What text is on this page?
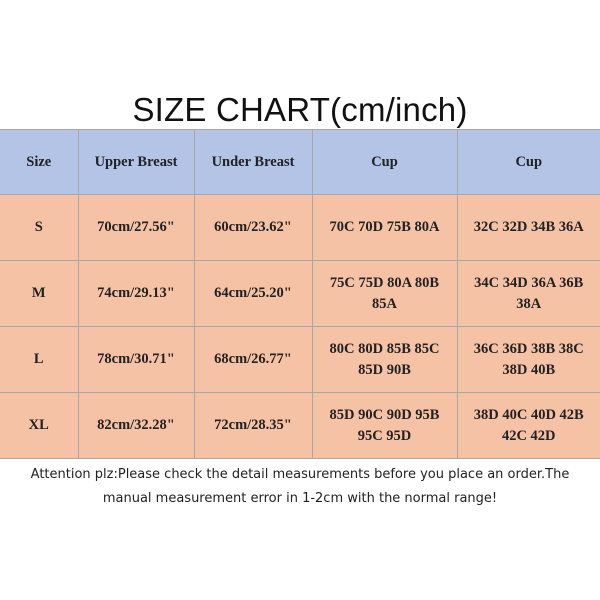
SIZE CHART(cm/inch)
Size	Upper Breast	Under Breast	Cup	Cup
S	70cm/27.56"	60cm/23.62"	70C 70D 75B 80A	32C 32D 34B 36A
M	74cm/29.13"	64cm/25.20"	75C 75D 80A 80B 85A	34C 34D 36A 36B 38A
L	78cm/30.71"	68cm/26.77"	80C 80D 85B 85C 85D 90B	36C 36D 38B 38C 38D 40B
XL	82cm/32.28"	72cm/28.35"	85D 90C 90D 95B 95C 95D	38D 40C 40D 42B 42C 42D
Attention plz:Please check the detail measurements before you place an order.The manual measurement error in 1-2cm with the normal range!
